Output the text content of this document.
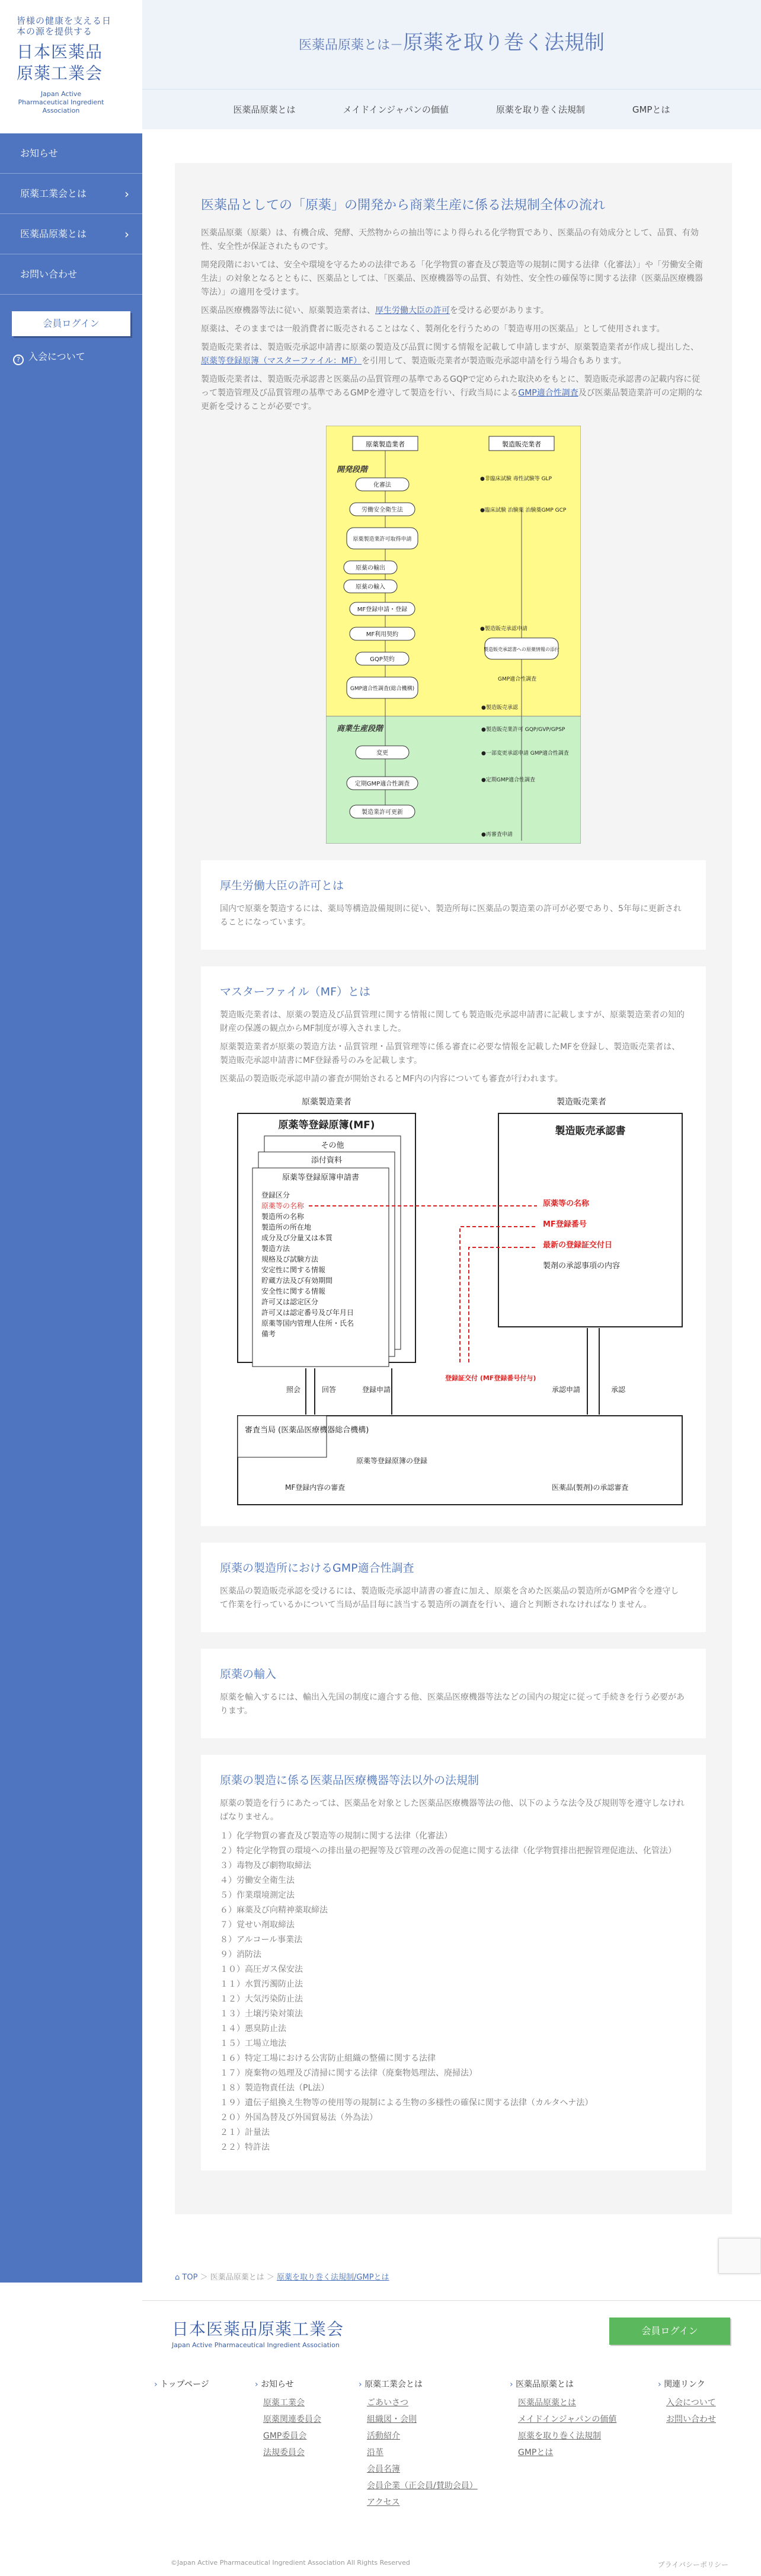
皆様の健康を支える日本の源を提供する
日本医薬品
原薬工業会
Japan Active Pharmaceutical Ingredient Association
お知らせ
原薬工業会とは	›
医薬品原薬とは	›
お問い合わせ
会員ログイン
? 入会について
医薬品原薬とは－原薬を取り巻く法規制
医薬品原薬とは	メイドインジャパンの価値	原薬を取り巻く法規制	GMPとは
医薬品としての「原薬」の開発から商業生産に係る法規制全体の流れ

医薬品原薬（原薬）は、有機合成、発酵、天然物からの抽出等により得られる化学物質であり、医薬品の有効成分として、品質、有効性、安全性が保証されたものです。

開発段階においては、安全や環境を守るための法律である「化学物質の審査及び製造等の規制に関する法律（化審法）」や「労働安全衛生法」の対象となるとともに、医薬品としては、「医薬品、医療機器等の品質、有効性、安全性の確保等に関する法律（医薬品医療機器等法）」の適用を受けます。

医薬品医療機器等法に従い、原薬製造業者は、厚生労働大臣の許可を受ける必要があります。

原薬は、そのままでは一般消費者に販売されることはなく、製剤化を行うための「製造専用の医薬品」として使用されます。

製造販売業者は、製造販売承認申請書に原薬の製造及び品質に関する情報を記載して申請しますが、原薬製造業者が作成し提出した、原薬等登録原簿（マスターファイル：MF）を引用して、製造販売業者が製造販売承認申請を行う場合もあります。

製造販売業者は、製造販売承認書と医薬品の品質管理の基準であるGQPで定められた取決めをもとに、製造販売承認書の記載内容に従って製造管理及び品質管理の基準であるGMPを遵守して製造を行い、行政当局によるGMP適合性調査及び医薬品製造業許可の定期的な更新を受けることが必要です。

原薬製造業者	製造販売業者
開発段階
商業生産段階
化審法
労働安全衛生法
原薬製造業許可取得申請
原薬の輸出
原薬の輸入
MF登録申請・登録
MF利用契約
GQP契約
GMP適合性調査(総合機構)
変更
定期GMP適合性調査
製造業許可更新
●非臨床試験 毒性試験等 GLP
●臨床試験 治験薬 治験薬GMP GCP
●製造販売承認申請
製造販売承認書への原薬情報の添付
GMP適合性調査
●製造販売承認
●製造販売業許可 GQP/GVP/GPSP
●一部変更承認申請 GMP適合性調査
●定期GMP適合性調査
●再審査申請
厚生労働大臣の許可とは

国内で原薬を製造するには、薬局等構造設備規則に従い、製造所毎に医薬品の製造業の許可が必要であり、5年毎に更新されることになっています。

マスターファイル（MF）とは

製造販売業者は、原薬の製造及び品質管理に関する情報に関しても製造販売承認申請書に記載しますが、原薬製造業者の知的財産の保護の観点からMF制度が導入されました。

原薬製造業者が原薬の製造方法・品質管理・品質管理等に係る審査に必要な情報を記載したMFを登録し、製造販売業者は、製造販売承認申請書にMF登録番号のみを記載します。

医薬品の製造販売承認申請の審査が開始されるとMF内の内容についても審査が行われます。

原薬製造業者	製造販売業者
原薬等登録原簿(MF)
その他
添付資料
原薬等登録原簿申請書
登録区分
原薬等の名称
製造所の名称
製造所の所在地
成分及び分量又は本質
製造方法
規格及び試験方法
安定性に関する情報
貯蔵方法及び有効期間
安全性に関する情報
許可又は認定区分
許可又は認定番号及び年月日
原薬等国内管理人住所・氏名
備考
製造販売承認書
原薬等の名称
MF登録番号
最新の登録証交付日
製剤の承認事項の内容
登録証交付 (MF登録番号付与)
審査当局 (医薬品医療機器総合機構)
原薬等登録原簿の登録
MF登録内容の審査	医薬品(製剤)の承認審査
照会	回答	登録申請	承認申請	承認
原薬の製造所におけるGMP適合性調査

医薬品の製造販売承認を受けるには、製造販売承認申請書の審査に加え、原薬を含めた医薬品の製造所がGMP省令を遵守して作業を行っているかについて当局が品目毎に該当する製造所の調査を行い、適合と判断されなければなりません。

原薬の輸入

原薬を輸入するには、輸出入先国の制度に適合する他、医薬品医療機器等法などの国内の規定に従って手続きを行う必要があります。

原薬の製造に係る医薬品医療機器等法以外の法規制

原薬の製造を行うにあたっては、医薬品を対象とした医薬品医療機器等法の他、以下のような法令及び規則等を遵守しなければなりません。

１）化学物質の審査及び製造等の規制に関する法律（化審法）
２）特定化学物質の環境への排出量の把握等及び管理の改善の促進に関する法律（化学物質排出把握管理促進法、化管法）
３）毒物及び劇物取締法
４）労働安全衛生法
５）作業環境測定法
６）麻薬及び向精神薬取締法
７）覚せい剤取締法
８）アルコール事業法
９）消防法
１０）高圧ガス保安法
１１）水質汚濁防止法
１２）大気汚染防止法
１３）土壌汚染対策法
１４）悪臭防止法
１５）工場立地法
１６）特定工場における公害防止組織の整備に関する法律
１７）廃棄物の処理及び清掃に関する法律（廃棄物処理法、廃掃法）
１８）製造物責任法（PL法）
１９）遺伝子組換え生物等の使用等の規制による生物の多様性の確保に関する法律（カルタヘナ法）
２０）外国為替及び外国貿易法（外為法）
２１）計量法
２２）特許法
⌂ TOP ＞ 医薬品原薬とは ＞ 原薬を取り巻く法規制/GMPとは
日本医薬品原薬工業会
Japan Active Pharmaceutical Ingredient Association
会員ログイン
› トップページ
›	お知らせ
原薬工業会
原薬関連委員会
GMP委員会
法規委員会
› 原薬工業会とは
ごあいさつ
組織図・会則
活動紹介
沿革
会員名簿
会員企業（正会員/賛助会員）
アクセス
› 医薬品原薬とは
医薬品原薬とは
メイドインジャパンの価値
原薬を取り巻く法規制
GMPとは
› 関連リンク
入会について
お問い合わせ
©Japan Active Pharmaceutical Ingredient Association All Rights Reserved	プライバシーポリシー
